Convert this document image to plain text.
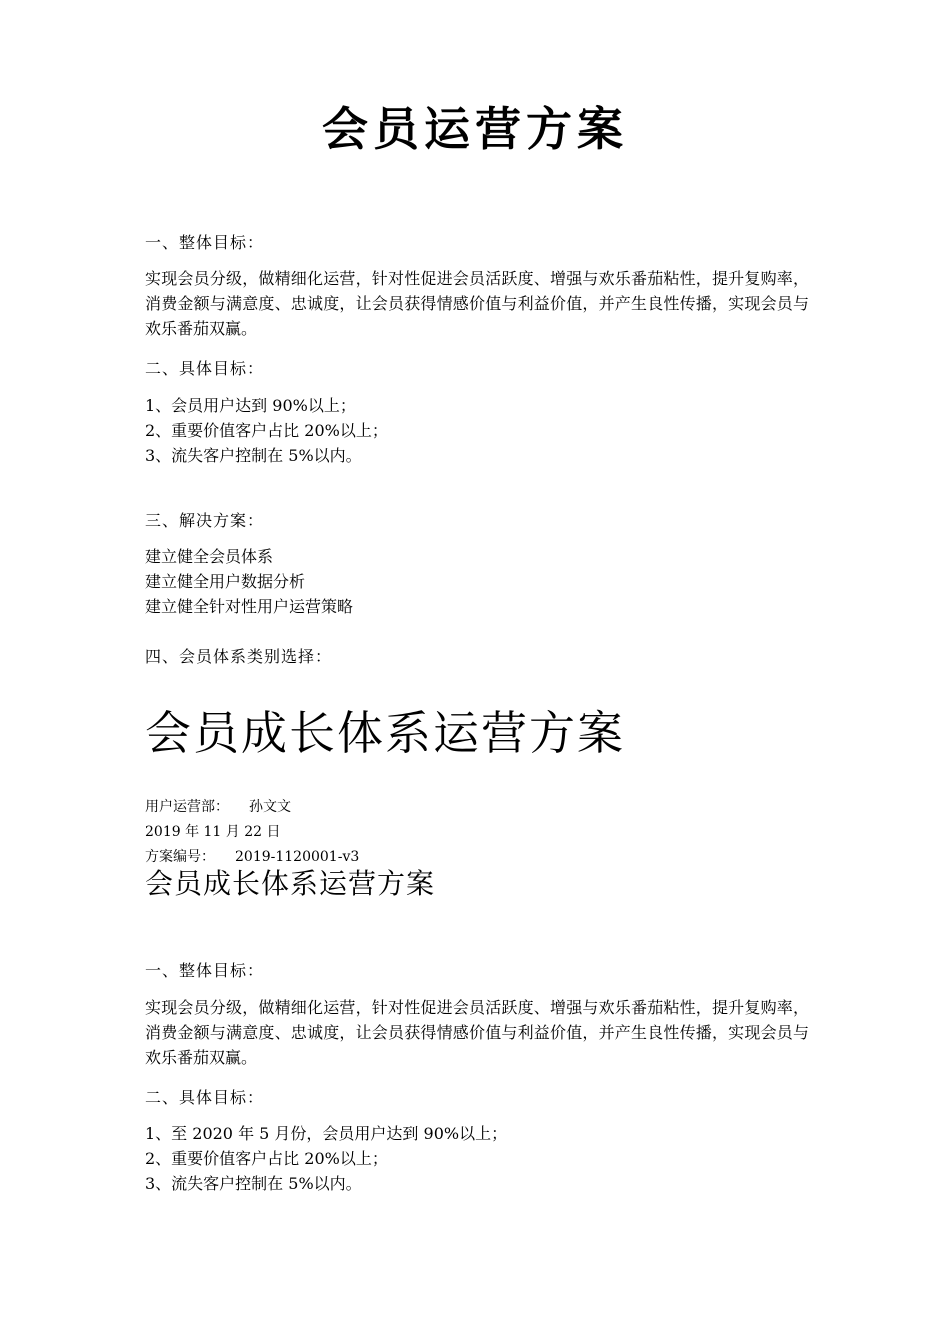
会员运营方案
一、整体目标：

实现会员分级，做精细化运营，针对性促进会员活跃度、增强与欢乐番茄粘性，提升复购率，消费金额与满意度、忠诚度，让会员获得情感价值与利益价值，并产生良性传播，实现会员与欢乐番茄双赢。

二、具体目标：
1、会员用户达到 90%以上；
2、重要价值客户占比 20%以上；
3、流失客户控制在 5%以内。
三、解决方案：
建立健全会员体系
建立健全用户数据分析
建立健全针对性用户运营策略
四、会员体系类别选择：
会员成长体系运营方案
用户运营部： 孙文文
2019 年 11 月 22 日
方案编号： 2019-1120001-v3
会员成长体系运营方案
一、整体目标：

实现会员分级，做精细化运营，针对性促进会员活跃度、增强与欢乐番茄粘性，提升复购率，消费金额与满意度、忠诚度，让会员获得情感价值与利益价值，并产生良性传播，实现会员与欢乐番茄双赢。

二、具体目标：
1、至 2020 年 5 月份，会员用户达到 90%以上；
2、重要价值客户占比 20%以上；
3、流失客户控制在 5%以内。
